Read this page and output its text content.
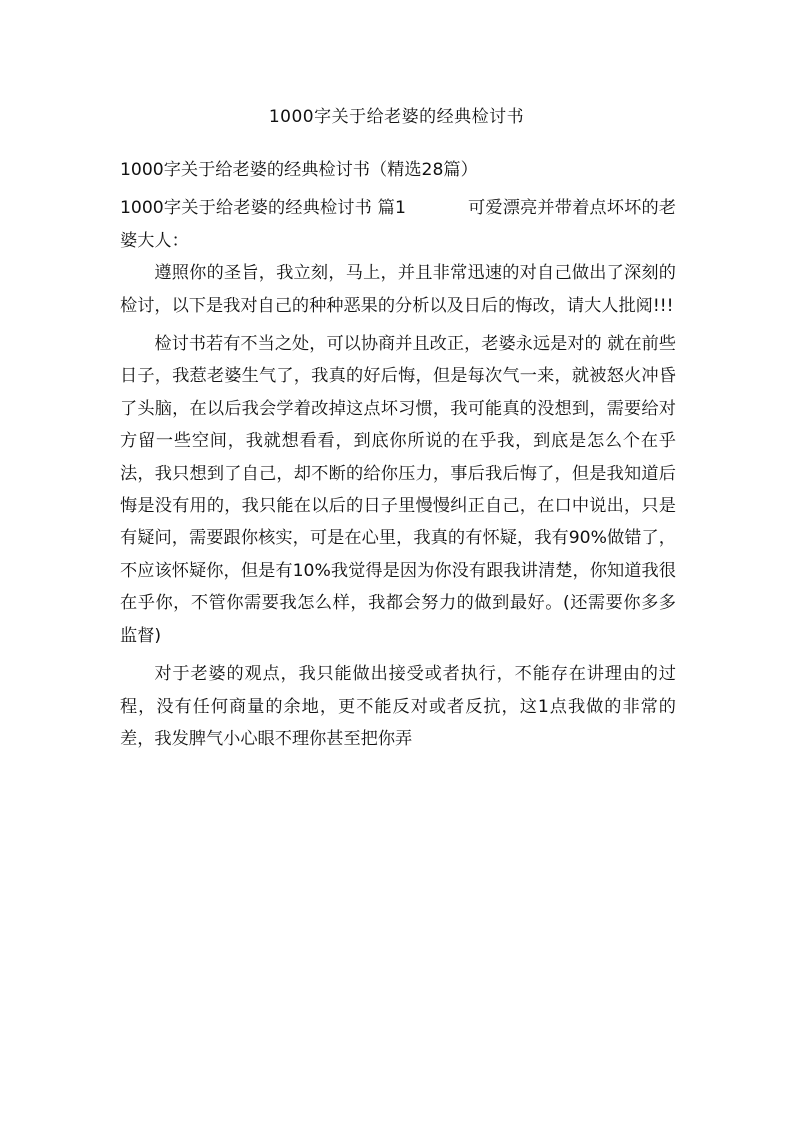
1000字关于给老婆的经典检讨书

1000字关于给老婆的经典检讨书（精选28篇）

1000字关于给老婆的经典检讨书 篇1	可爱漂亮并带着点坏坏的老婆大人：

遵照你的圣旨，我立刻，马上，并且非常迅速的对自己做出了深刻的检讨，以下是我对自己的种种恶果的分析以及日后的悔改，请大人批阅!!!

检讨书若有不当之处，可以协商并且改正，老婆永远是对的 就在前些日子，我惹老婆生气了，我真的好后悔，但是每次气一来，就被怒火冲昏了头脑，在以后我会学着改掉这点坏习惯，我可能真的没想到，需要给对方留一些空间，我就想看看，到底你所说的在乎我，到底是怎么个在乎法，我只想到了自己，却不断的给你压力，事后我后悔了，但是我知道后悔是没有用的，我只能在以后的日子里慢慢纠正自己，在口中说出，只是有疑问，需要跟你核实，可是在心里，我真的有怀疑，我有90%做错了，不应该怀疑你，但是有10%我觉得是因为你没有跟我讲清楚，你知道我很在乎你，不管你需要我怎么样，我都会努力的做到最好。(还需要你多多监督)

对于老婆的观点，我只能做出接受或者执行，不能存在讲理由的过程，没有任何商量的余地，更不能反对或者反抗，这1点我做的非常的差，我发脾气小心眼不理你甚至把你弄
